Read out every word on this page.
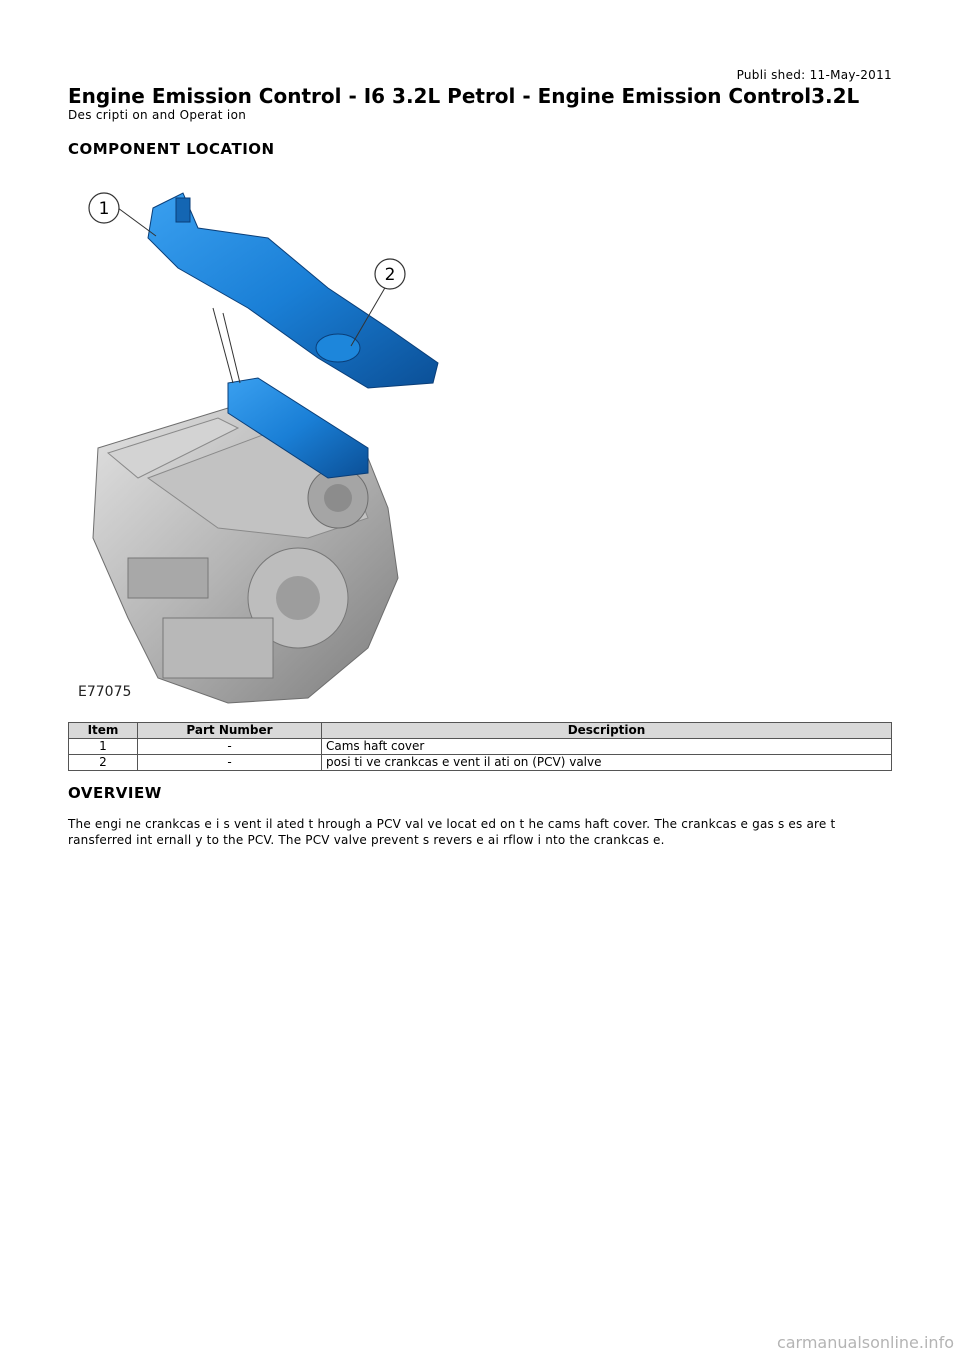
Publi shed: 11-May-2011
Engine Emission Control - I6 3.2L Petrol - Engine Emission Control3.2L
Des cripti on and Operat ion
COMPONENT LOCATION
1
2
E77075
Item	Part Number	Description
1	-	Cams haft cover
2	-	posi ti ve crankcas e vent il ati on (PCV) valve
OVERVIEW

The engi ne crankcas e i s vent il ated t hrough a PCV val ve locat ed on t he cams haft cover. The crankcas e gas s es are t ransferred int ernall y to the PCV. The PCV valve prevent s revers e ai rflow i nto the crankcas e.

carmanualsonline.info
